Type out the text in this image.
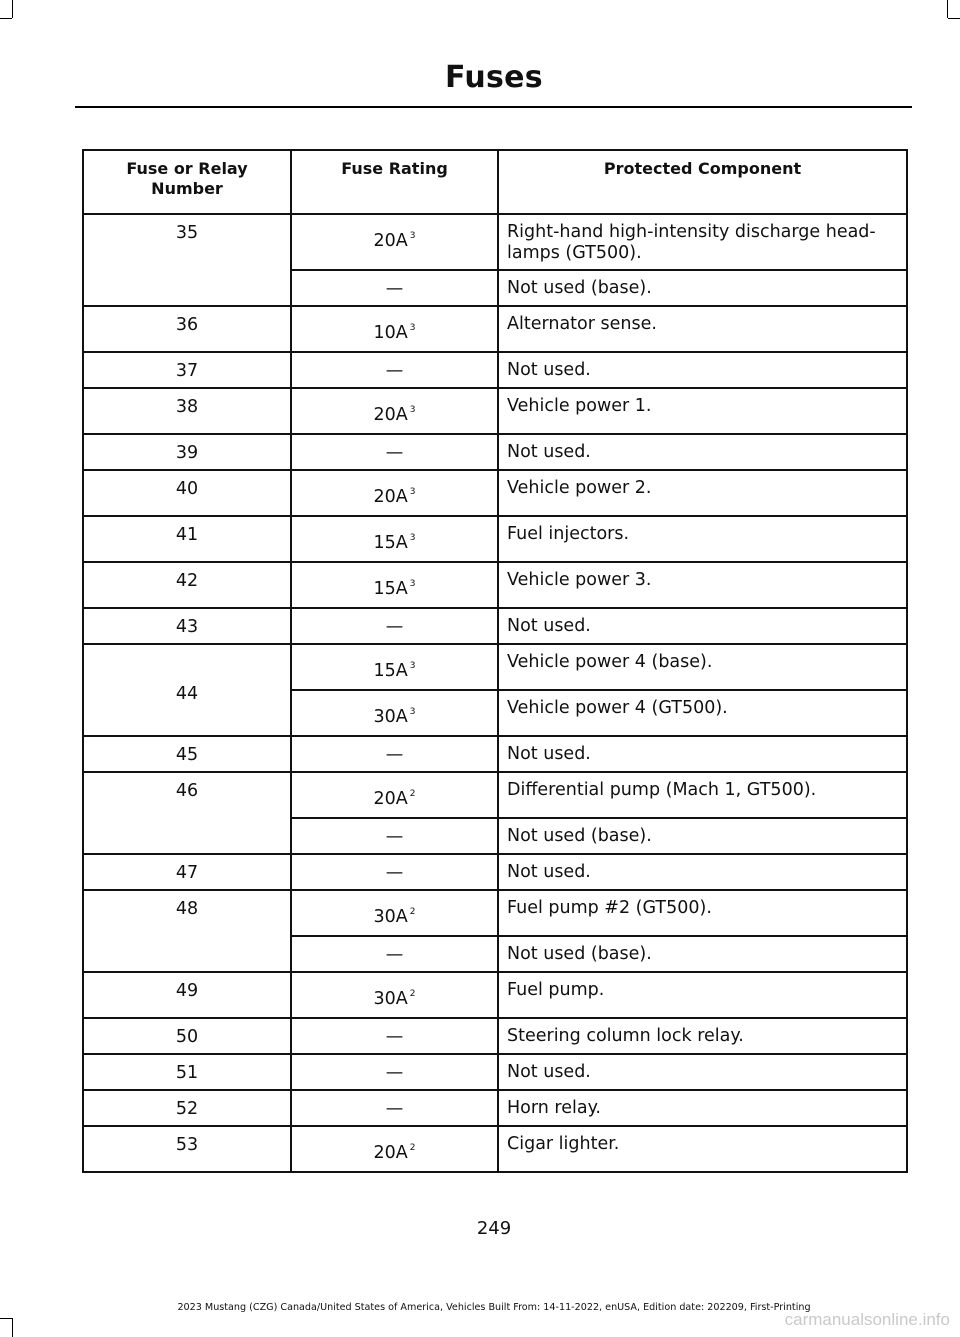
Fuses
Fuse or Relay Number	Fuse Rating	Protected Component
35	20A $^3$	Right-hand high-intensity discharge head-lamps (GT500).
	—	Not used (base).
36	10A $^3$	Alternator sense.
37	—	Not used.
38	20A $^3$	Vehicle power 1.
39	—	Not used.
40	20A $^3$	Vehicle power 2.
41	15A $^3$	Fuel injectors.
42	15A $^3$	Vehicle power 3.
43	—	Not used.
44	15A $^3$	Vehicle power 4 (base).
	30A $^3$	Vehicle power 4 (GT500).
45	—	Not used.
46	20A $^2$	Differential pump (Mach 1, GT500).
	—	Not used (base).
47	—	Not used.
48	30A $^2$	Fuel pump #2 (GT500).
	—	Not used (base).
49	30A $^2$	Fuel pump.
50	—	Steering column lock relay.
51	—	Not used.
52	—	Horn relay.
53	20A $^2$	Cigar lighter.
249
2023 Mustang (CZG) Canada/United States of America, Vehicles Built From: 14-11-2022, enUSA, Edition date: 202209, First-Printing
carmanualsonline.info
